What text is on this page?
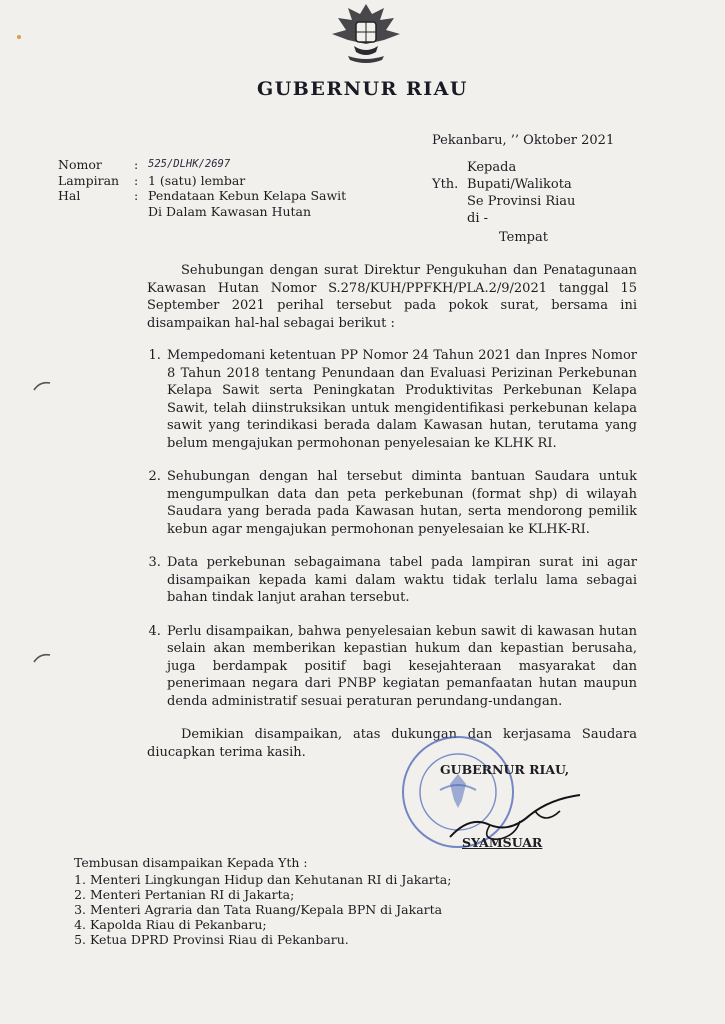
GUBERNUR RIAU
Pekanbaru, ’’ Oktober 2021
Nomor	: 525/DLHK/2697
Lampiran	: 1 (satu) lembar
Hal	: Pendataan Kebun Kelapa Sawit
Di Dalam Kawasan Hutan
Yth.
Kepada
Bupati/Walikota
Se Provinsi Riau
di -
Tempat

Sehubungan dengan surat Direktur Pengukuhan dan Penatagunaan Kawasan Hutan Nomor S.278/KUH/PPFKH/PLA.2/9/2021 tanggal 15 September 2021 perihal tersebut pada pokok surat, bersama ini disampaikan hal-hal sebagai berikut :

1. Mempedomani ketentuan PP Nomor 24 Tahun 2021 dan Inpres Nomor 8 Tahun 2018 tentang Penundaan dan Evaluasi Perizinan Perkebunan Kelapa Sawit serta Peningkatan Produktivitas Perkebunan Kelapa Sawit, telah diinstruksikan untuk mengidentifikasi perkebunan kelapa sawit yang terindikasi berada dalam Kawasan hutan, terutama yang belum mengajukan permohonan penyelesaian ke KLHK RI.
2. Sehubungan dengan hal tersebut diminta bantuan Saudara untuk mengumpulkan data dan peta perkebunan (format shp) di wilayah Saudara yang berada pada Kawasan hutan, serta mendorong pemilik kebun agar mengajukan permohonan penyelesaian ke KLHK-RI.
3. Data perkebunan sebagaimana tabel pada lampiran surat ini agar disampaikan kepada kami dalam waktu tidak terlalu lama sebagai bahan tindak lanjut arahan tersebut.
4. Perlu disampaikan, bahwa penyelesaian kebun sawit di kawasan hutan selain akan memberikan kepastian hukum dan kepastian berusaha, juga berdampak positif bagi kesejahteraan masyarakat dan penerimaan negara dari PNBP kegiatan pemanfaatan hutan maupun denda administratif sesuai peraturan perundang-undangan.

Demikian disampaikan, atas dukungan dan kerjasama Saudara diucapkan terima kasih.

GUBERNUR RIAU,
SYAMSUAR
Tembusan disampaikan Kepada Yth :
1. Menteri Lingkungan Hidup dan Kehutanan RI di Jakarta;
2. Menteri Pertanian RI di Jakarta;
3. Menteri Agraria dan Tata Ruang/Kepala BPN di Jakarta
4. Kapolda Riau di Pekanbaru;
5. Ketua DPRD Provinsi Riau di Pekanbaru.
